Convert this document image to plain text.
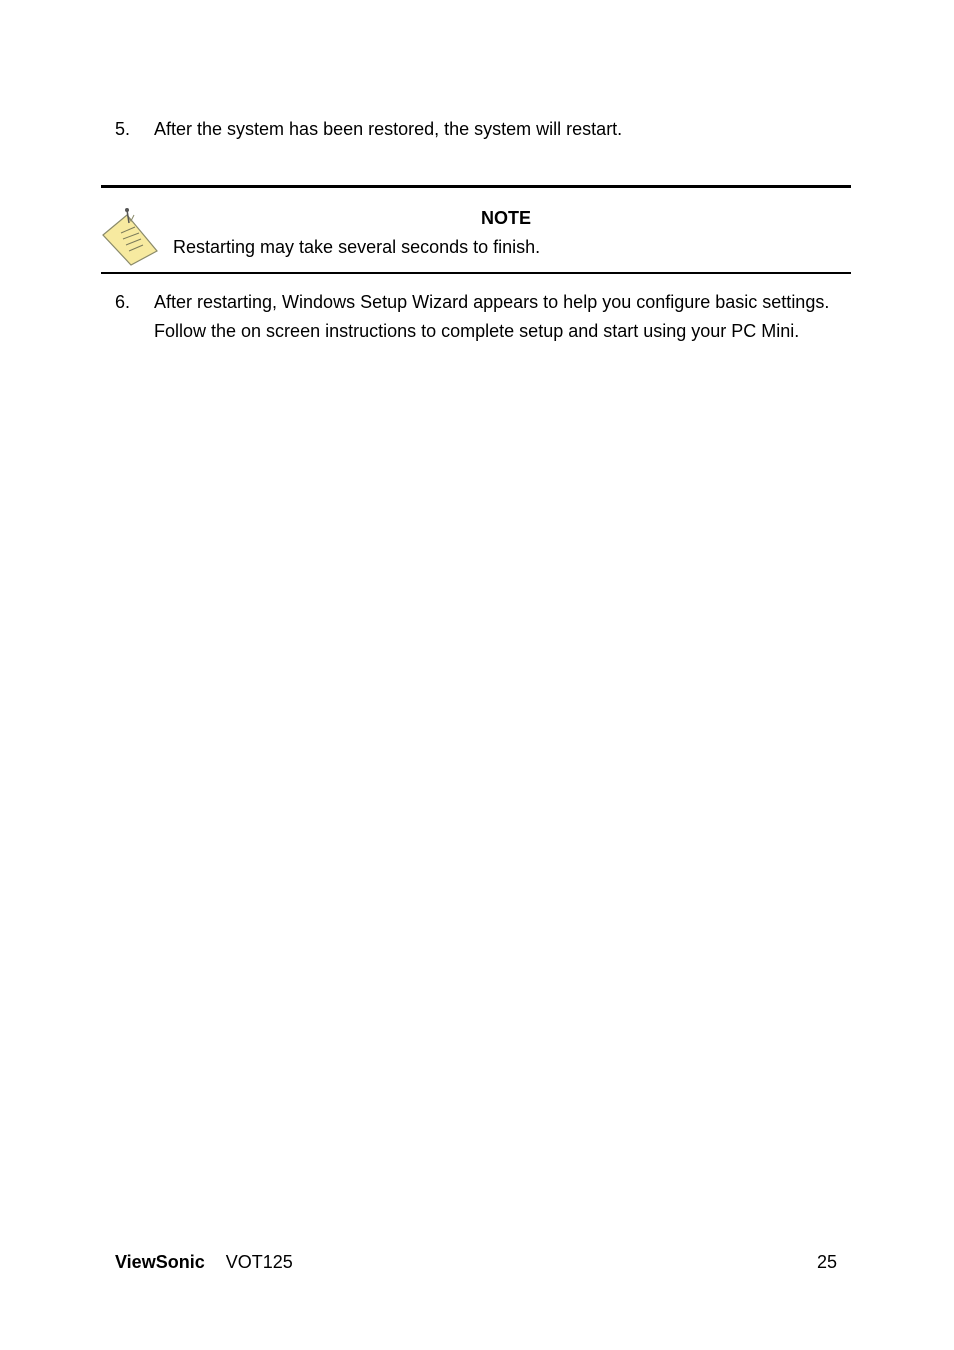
5. After the system has been restored, the system will restart.
NOTE
Restarting may take several seconds to finish.
6. After restarting, Windows Setup Wizard appears to help you configure basic settings. Follow the on screen instructions to complete setup and start using your PC Mini.
ViewSonic VOT125	25
